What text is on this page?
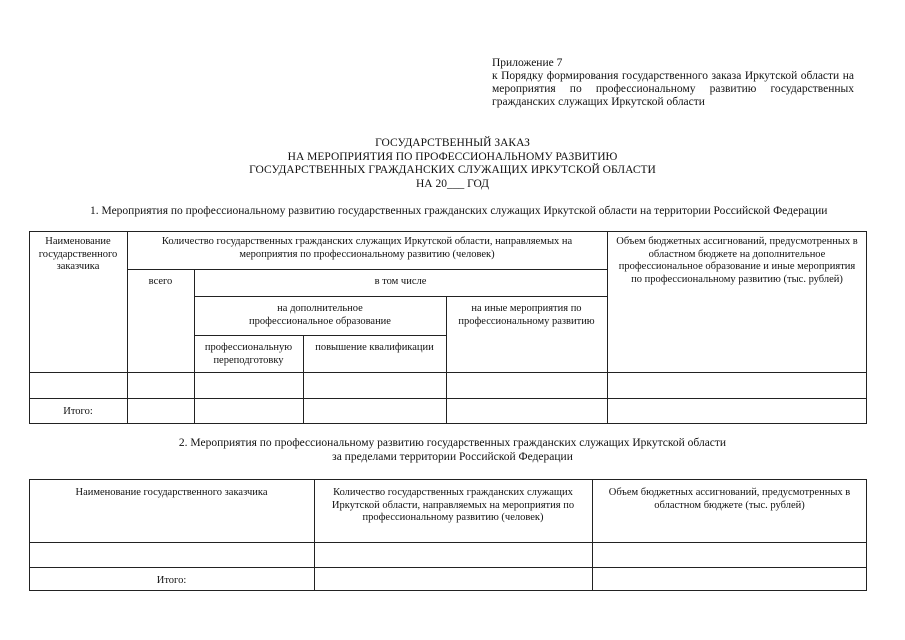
Приложение 7
к Порядку формирования государственного заказа Иркутской области на мероприятия по профессиональному развитию государственных гражданских служащих Иркутской области
ГОСУДАРСТВЕННЫЙ ЗАКАЗ
НА МЕРОПРИЯТИЯ ПО ПРОФЕССИОНАЛЬНОМУ РАЗВИТИЮ
ГОСУДАРСТВЕННЫХ ГРАЖДАНСКИХ СЛУЖАЩИХ ИРКУТСКОЙ ОБЛАСТИ
НА 20___ ГОД
1. Мероприятия по профессиональному развитию государственных гражданских служащих Иркутской области на территории Российской Федерации
Наименование государственного заказчика
Количество государственных гражданских служащих Иркутской области, направляемых на мероприятия по профессиональному развитию (человек)
всего	в том числе
на дополнительное профессиональное образование
на иные мероприятия по профессиональному развитию
профессиональную переподготовку
повышение квалификации
Объем бюджетных ассигнований, предусмотренных в областном бюджете на дополнительное профессиональное образование и иные мероприятия по профессиональному развитию (тыс. рублей)
Итого:
2. Мероприятия по профессиональному развитию государственных гражданских служащих Иркутской области
за пределами территории Российской Федерации
Наименование государственного заказчика	Количество государственных гражданских служащих Иркутской области, направляемых на мероприятия по профессиональному развитию (человек)
Объем бюджетных ассигнований, предусмотренных в областном бюджете (тыс. рублей)
Итого:
